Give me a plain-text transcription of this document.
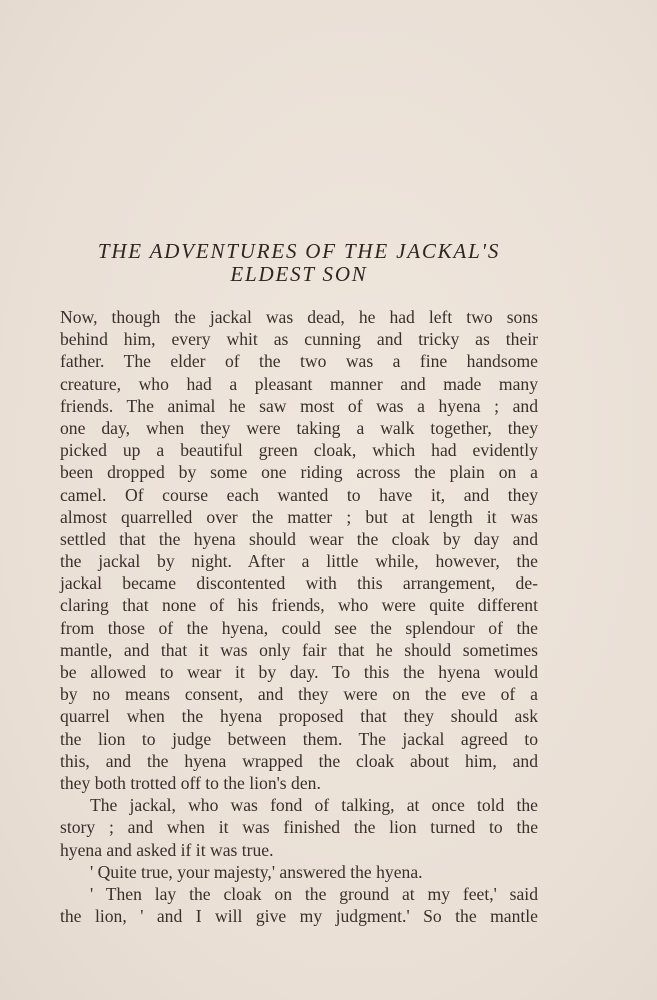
THE ADVENTURES OF THE JACKAL'S
ELDEST SON
Now, though the jackal was dead, he had left two sons
behind him, every whit as cunning and tricky as their
father. The elder of the two was a fine handsome
creature, who had a pleasant manner and made many
friends. The animal he saw most of was a hyena ; and
one day, when they were taking a walk together, they
picked up a beautiful green cloak, which had evidently
been dropped by some one riding across the plain on a
camel. Of course each wanted to have it, and they
almost quarrelled over the matter ; but at length it was
settled that the hyena should wear the cloak by day and
the jackal by night. After a little while, however, the
jackal became discontented with this arrangement, de-
claring that none of his friends, who were quite different
from those of the hyena, could see the splendour of the
mantle, and that it was only fair that he should sometimes
be allowed to wear it by day. To this the hyena would
by no means consent, and they were on the eve of a
quarrel when the hyena proposed that they should ask
the lion to judge between them. The jackal agreed to
this, and the hyena wrapped the cloak about him, and
they both trotted off to the lion's den.
The jackal, who was fond of talking, at once told the
story ; and when it was finished the lion turned to the
hyena and asked if it was true.
' Quite true, your majesty,' answered the hyena.
' Then lay the cloak on the ground at my feet,' said
the lion, ' and I will give my judgment.' So the mantle
